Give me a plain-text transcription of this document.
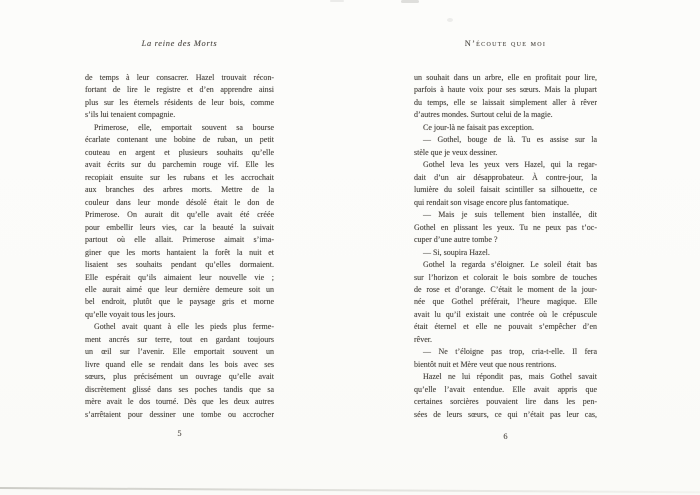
La reine des Morts
de temps à leur consacrer. Hazel trouvait récon-
fortant de lire le registre et d’en apprendre ainsi
plus sur les éternels résidents de leur bois, comme
s’ils lui tenaient compagnie.
Primerose, elle, emportait souvent sa bourse
écarlate contenant une bobine de ruban, un petit
couteau en argent et plusieurs souhaits qu’elle
avait écrits sur du parchemin rouge vif. Elle les
recopiait ensuite sur les rubans et les accrochait
aux branches des arbres morts. Mettre de la
couleur dans leur monde désolé était le don de
Primerose. On aurait dit qu’elle avait été créée
pour embellir leurs vies, car la beauté la suivait
partout où elle allait. Primerose aimait s’ima-
giner que les morts hantaient la forêt la nuit et
lisaient ses souhaits pendant qu’elles dormaient.
Elle espérait qu’ils aimaient leur nouvelle vie ;
elle aurait aimé que leur dernière demeure soit un
bel endroit, plutôt que le paysage gris et morne
qu’elle voyait tous les jours.
Gothel avait quant à elle les pieds plus ferme-
ment ancrés sur terre, tout en gardant toujours
un œil sur l’avenir. Elle emportait souvent un
livre quand elle se rendait dans les bois avec ses
sœurs, plus précisément un ouvrage qu’elle avait
discrètement glissé dans ses poches tandis que sa
mère avait le dos tourné. Dès que les deux autres
s’arrêtaient pour dessiner une tombe ou accrocher
5
N’écoute que moi
un souhait dans un arbre, elle en profitait pour lire,
parfois à haute voix pour ses sœurs. Mais la plupart
du temps, elle se laissait simplement aller à rêver
d’autres mondes. Surtout celui de la magie.
Ce jour-là ne faisait pas exception.
— Gothel, bouge de là. Tu es assise sur la
stèle que je veux dessiner.
Gothel leva les yeux vers Hazel, qui la regar-
dait d’un air désapprobateur. À contre-jour, la
lumière du soleil faisait scintiller sa silhouette, ce
qui rendait son visage encore plus fantomatique.
— Mais je suis tellement bien installée, dit
Gothel en plissant les yeux. Tu ne peux pas t’oc-
cuper d’une autre tombe ?
— Si, soupira Hazel.
Gothel la regarda s’éloigner. Le soleil était bas
sur l’horizon et colorait le bois sombre de touches
de rose et d’orange. C’était le moment de la jour-
née que Gothel préférait, l’heure magique. Elle
avait lu qu’il existait une contrée où le crépuscule
était éternel et elle ne pouvait s’empêcher d’en
rêver.
— Ne t’éloigne pas trop, cria-t-elle. Il fera
bientôt nuit et Mère veut que nous rentrions.
Hazel ne lui répondit pas, mais Gothel savait
qu’elle l’avait entendue. Elle avait appris que
certaines sorcières pouvaient lire dans les pen-
sées de leurs sœurs, ce qui n’était pas leur cas,
6
